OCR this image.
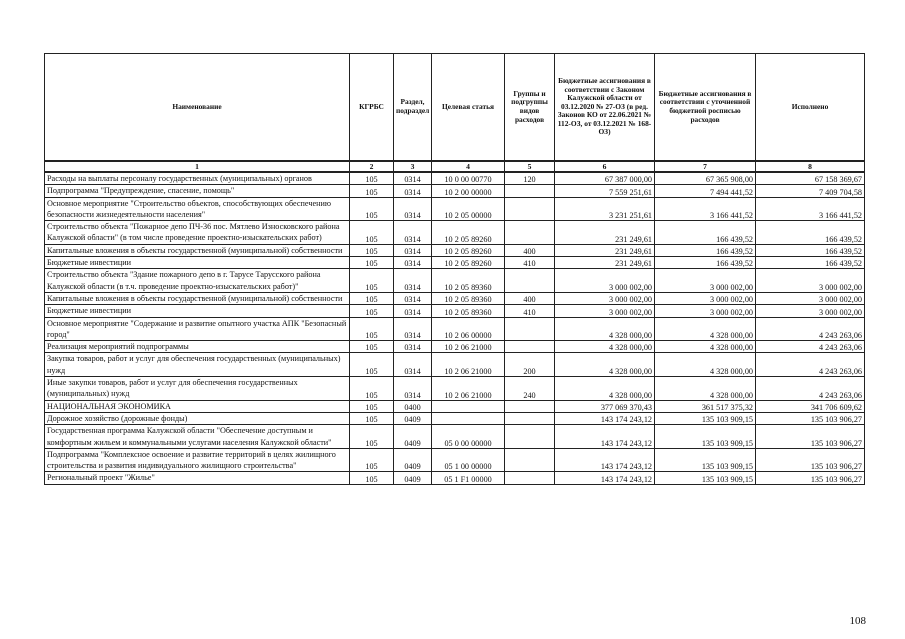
Наименование	КГРБС	Раздел, подраздел	Целевая статья	Группы и подгруппы видов расходов	Бюджетные ассигнования в соответствии с Законом Калужской области от 03.12.2020 № 27-ОЗ (в ред. Законов КО от 22.06.2021 № 112-ОЗ, от 03.12.2021 № 168-ОЗ)	Бюджетные ассигнования в соответствии с уточненной бюджетной росписью расходов	Исполнено
1	2	3	4	5	6	7	8
Расходы на выплаты персоналу государственных (муниципальных) органов	105	0314	10 0 00 00770	120	67 387 000,00	67 365 908,00	67 158 369,67
Подпрограмма "Предупреждение, спасение, помощь"	105	0314	10 2 00 00000		7 559 251,61	7 494 441,52	7 409 704,58
Основное мероприятие "Строительство объектов, способствующих обеспечению безопасности жизнедеятельности населения"	105	0314	10 2 05 00000		3 231 251,61	3 166 441,52	3 166 441,52
Строительство объекта "Пожарное депо ПЧ-36 пос. Мятлево Износковского района Калужской области" (в том числе проведение проектно-изыскательских работ)	105	0314	10 2 05 89260		231 249,61	166 439,52	166 439,52
Капитальные вложения в объекты государственной (муниципальной) собственности	105	0314	10 2 05 89260	400	231 249,61	166 439,52	166 439,52
Бюджетные инвестиции	105	0314	10 2 05 89260	410	231 249,61	166 439,52	166 439,52
Строительство объекта "Здание пожарного депо в г. Тарусе Тарусского района Калужской области (в т.ч. проведение проектно-изыскательских работ)"	105	0314	10 2 05 89360		3 000 002,00	3 000 002,00	3 000 002,00
Капитальные вложения в объекты государственной (муниципальной) собственности	105	0314	10 2 05 89360	400	3 000 002,00	3 000 002,00	3 000 002,00
Бюджетные инвестиции	105	0314	10 2 05 89360	410	3 000 002,00	3 000 002,00	3 000 002,00
Основное мероприятие "Содержание и развитие опытного участка АПК "Безопасный город"	105	0314	10 2 06 00000		4 328 000,00	4 328 000,00	4 243 263,06
Реализация мероприятий подпрограммы	105	0314	10 2 06 21000		4 328 000,00	4 328 000,00	4 243 263,06
Закупка товаров, работ и услуг для обеспечения государственных (муниципальных) нужд	105	0314	10 2 06 21000	200	4 328 000,00	4 328 000,00	4 243 263,06
Иные закупки товаров, работ и услуг для обеспечения государственных (муниципальных) нужд	105	0314	10 2 06 21000	240	4 328 000,00	4 328 000,00	4 243 263,06
НАЦИОНАЛЬНАЯ ЭКОНОМИКА	105	0400			377 069 370,43	361 517 375,32	341 706 609,62
Дорожное хозяйство (дорожные фонды)	105	0409			143 174 243,12	135 103 909,15	135 103 906,27
Государственная программа Калужской области "Обеспечение доступным и комфортным жильем и коммунальными услугами населения Калужской области"	105	0409	05 0 00 00000		143 174 243,12	135 103 909,15	135 103 906,27
Подпрограмма "Комплексное освоение и развитие территорий в целях жилищного строительства и развития индивидуального жилищного строительства"	105	0409	05 1 00 00000		143 174 243,12	135 103 909,15	135 103 906,27
Региональный проект "Жилье"	105	0409	05 1 F1 00000		143 174 243,12	135 103 909,15	135 103 906,27
108
